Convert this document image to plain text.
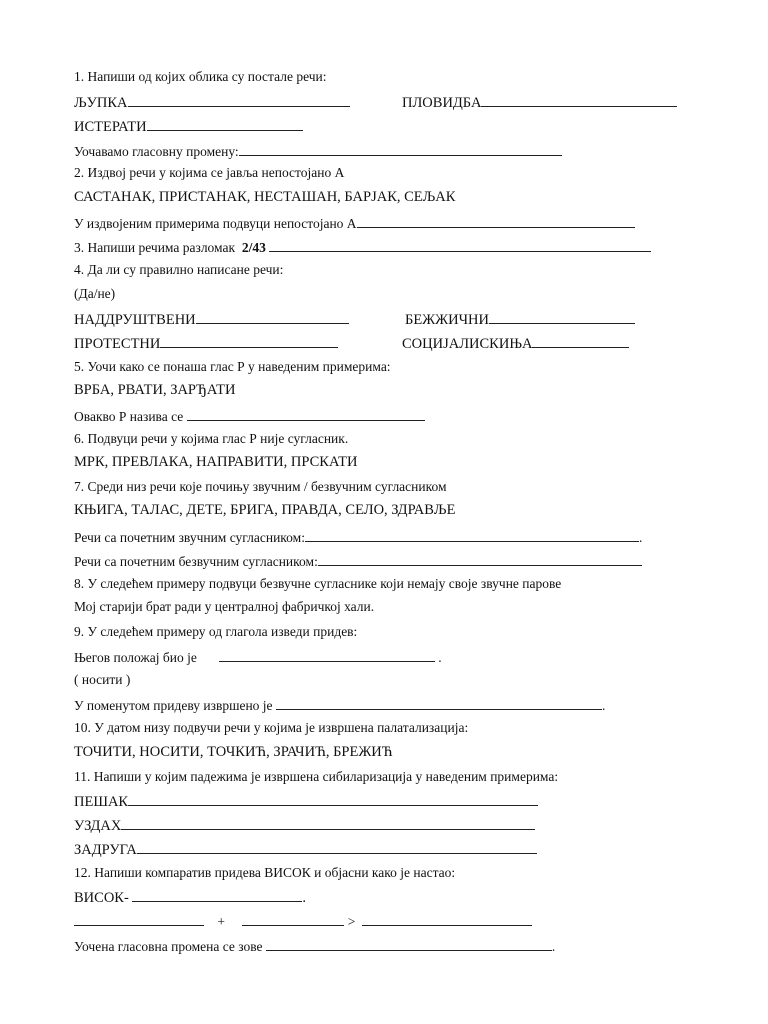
1. Напиши од којих облика су постале речи:
ЉУПКА	ПЛОВИДБА
ИСТЕРАТИ
Уочавамо гласовну промену:
2. Издвој речи у којима се јавља непостојано А
САСТАНАК, ПРИСТАНАК, НЕСТАШАН, БАРЈАК, СЕЉАК
У издвојеним примерима подвуци непостојано А
3. Напиши речима разломак 2/43
4. Да ли су правилно написане речи:
(Да/не)
НАДДРУШТВЕНИ	БЕЖЖИЧНИ
ПРОТЕСТНИ	СОЦИЈАЛИСКИЊА
5. Уочи како се понаша глас Р у наведеним примерима:
ВРБА, РВАТИ, ЗАРЂАТИ
Овакво Р назива се
6. Подвуци речи у којима глас Р није сугласник.
МРК, ПРЕВЛАКА, НАПРАВИТИ, ПРСКАТИ
7. Среди низ речи које почињу звучним / безвучним сугласником
КЊИГА, ТАЛАС, ДЕТЕ, БРИГА, ПРАВДА, СЕЛО, ЗДРАВЉЕ
Речи са почетним звучним сугласником:	.
Речи са почетним безвучним сугласником:
8. У следећем примеру подвуци безвучне сугласнике који немају своје звучне парове
Мој старији брат ради у централној фабричкој хали.
9. У следећем примеру од глагола изведи придев:
Његов положај био је	.
( носити )
У поменутом придеву извршено је	.
10. У датом низу подвучи речи у којима је извршена палатализација:
ТОЧИТИ, НОСИТИ, ТОЧКИЋ, ЗРАЧИЋ, БРЕЖИЋ
11. Напиши у којим падежима је извршена сибиларизација у наведеним примерима:
ПЕШАК
УЗДАХ
ЗАДРУГА
12. Напиши компаратив придева ВИСОК и објасни како је настао:
ВИСОК-	.
+	>
Уочена гласовна промена се зове	.
